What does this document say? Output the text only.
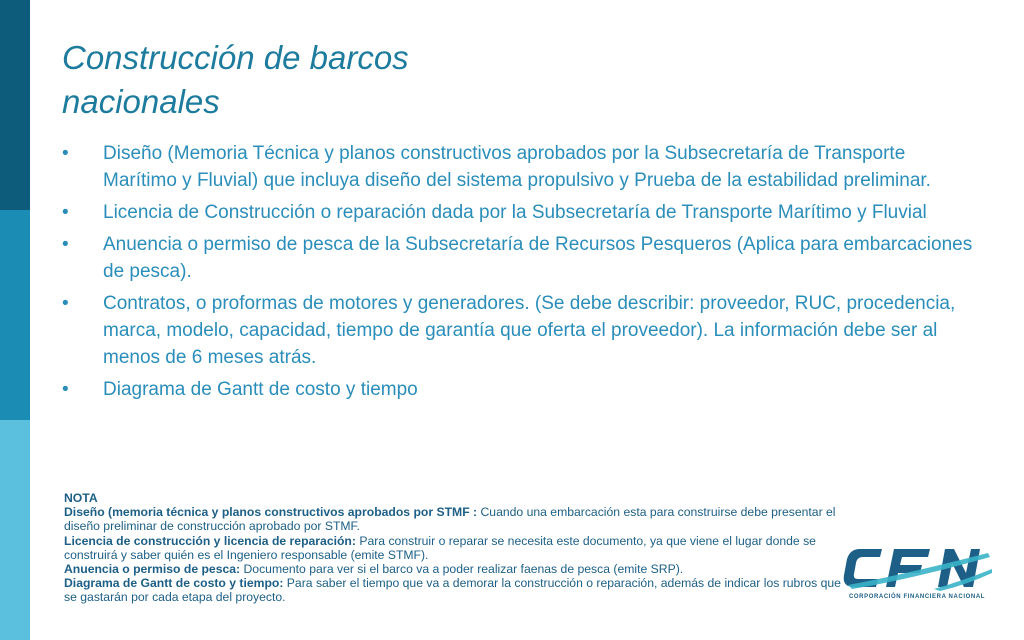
Construcción de barcos
nacionales
• Diseño (Memoria Técnica y planos constructivos aprobados por la Subsecretaría de Transporte Marítimo y Fluvial) que incluya diseño del sistema propulsivo y Prueba de la estabilidad preliminar.
• Licencia de Construcción o reparación dada por la Subsecretaría de Transporte Marítimo y Fluvial
• Anuencia o permiso de pesca de la Subsecretaría de Recursos Pesqueros (Aplica para embarcaciones de pesca).
• Contratos, o proformas de motores y generadores. (Se debe describir: proveedor, RUC, procedencia, marca, modelo, capacidad, tiempo de garantía que oferta el proveedor). La información debe ser al menos de 6 meses atrás.
• Diagrama de Gantt de costo y tiempo

NOTA

Diseño (memoria técnica y planos constructivos aprobados por STMF : Cuando una embarcación esta para construirse debe presentar el diseño preliminar de construcción aprobado por STMF.

Licencia de construcción y licencia de reparación: Para construir o reparar se necesita este documento, ya que viene el lugar donde se construirá y saber quién es el Ingeniero responsable (emite STMF).

Anuencia o permiso de pesca: Documento para ver si el barco va a poder realizar faenas de pesca (emite SRP).

Diagrama de Gantt de costo y tiempo: Para saber el tiempo que va a demorar la construcción o reparación, además de indicar los rubros que se gastarán por cada etapa del proyecto.	CORPORACIÓN FINANCIERA NACIONAL
